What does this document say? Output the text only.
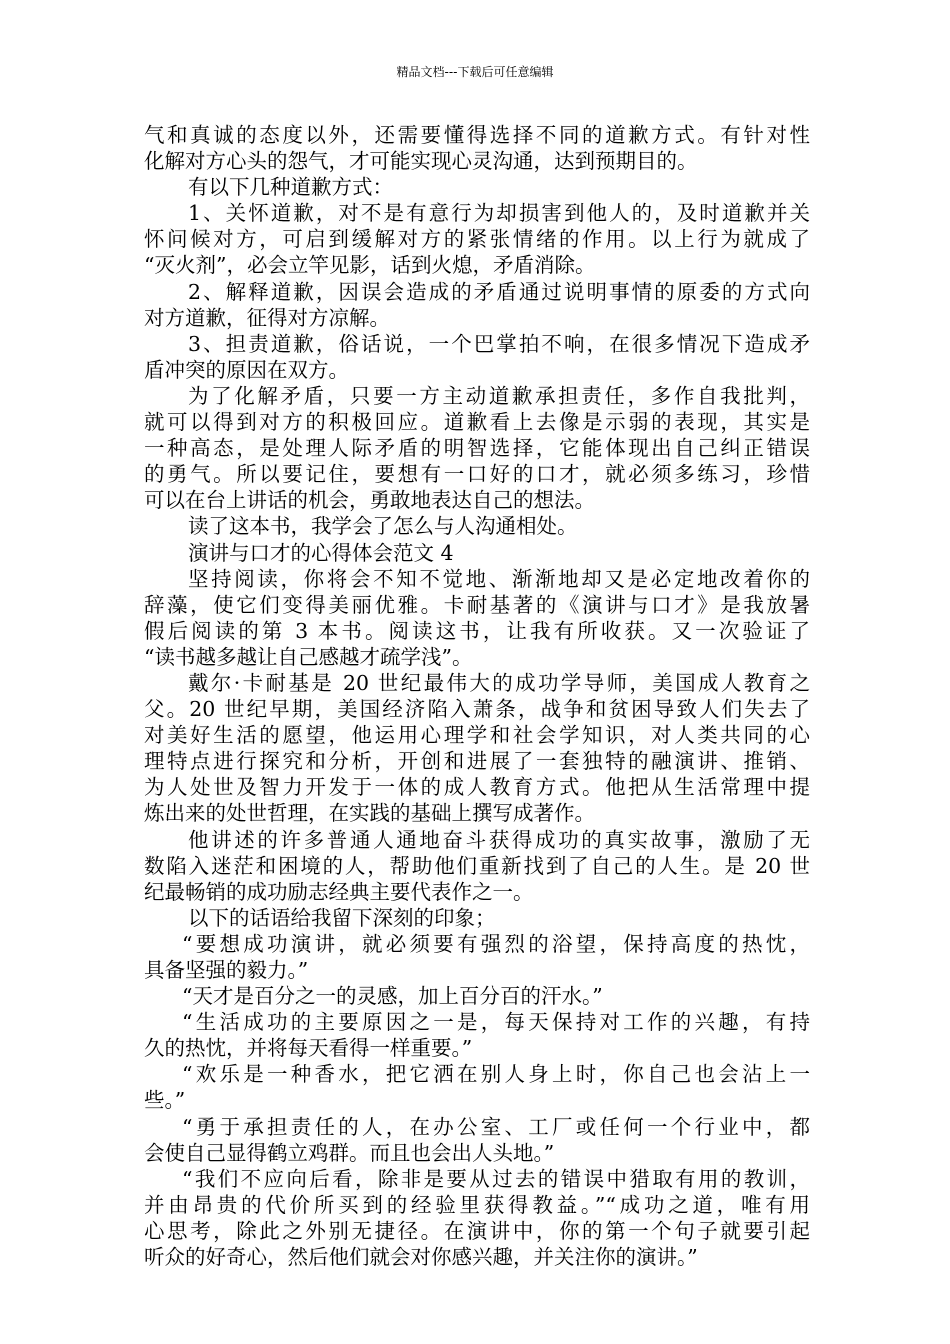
精品文档---下载后可任意编辑
气和真诚的态度以外，还需要懂得选择不同的道歉方式。有针对性
化解对方心头的怨气，才可能实现心灵沟通，达到预期目的。
有以下几种道歉方式：
1、关怀道歉，对不是有意行为却损害到他人的，及时道歉并关
怀问候对方，可启到缓解对方的紧张情绪的作用。以上行为就成了
“灭火剂”，必会立竿见影，话到火熄，矛盾消除。
2、解释道歉，因误会造成的矛盾通过说明事情的原委的方式向
对方道歉，征得对方凉解。
3、担责道歉，俗话说，一个巴掌拍不响，在很多情况下造成矛
盾冲突的原因在双方。
为了化解矛盾，只要一方主动道歉承担责任，多作自我批判，
就可以得到对方的积极回应。道歉看上去像是示弱的表现，其实是
一种高态，是处理人际矛盾的明智选择，它能体现出自己纠正错误
的勇气。所以要记住，要想有一口好的口才，就必须多练习，珍惜
可以在台上讲话的机会，勇敢地表达自己的想法。
读了这本书，我学会了怎么与人沟通相处。
演讲与口才的心得体会范文 4
坚持阅读，你将会不知不觉地、渐渐地却又是必定地改着你的
辞藻，使它们变得美丽优雅。卡耐基著的《演讲与口才》是我放暑
假后阅读的第 3 本书。阅读这书，让我有所收获。又一次验证了
“读书越多越让自己感越才疏学浅”。
戴尔·卡耐基是 20 世纪最伟大的成功学导师，美国成人教育之
父。20 世纪早期，美国经济陷入萧条，战争和贫困导致人们失去了
对美好生活的愿望，他运用心理学和社会学知识，对人类共同的心
理特点进行探究和分析，开创和进展了一套独特的融演讲、推销、
为人处世及智力开发于一体的成人教育方式。他把从生活常理中提
炼出来的处世哲理，在实践的基础上撰写成著作。
他讲述的许多普通人通地奋斗获得成功的真实故事，激励了无
数陷入迷茫和困境的人，帮助他们重新找到了自己的人生。是 20 世
纪最畅销的成功励志经典主要代表作之一。
以下的话语给我留下深刻的印象；
“要想成功演讲，就必须要有强烈的浴望，保持高度的热忱，
具备坚强的毅力。”
“天才是百分之一的灵感，加上百分百的汗水。”
“生活成功的主要原因之一是，每天保持对工作的兴趣，有持
久的热忱，并将每天看得一样重要。”
“欢乐是一种香水，把它洒在别人身上时，你自己也会沾上一
些。”
“勇于承担责任的人，在办公室、工厂或任何一个行业中，都
会使自己显得鹤立鸡群。而且也会出人头地。”
“我们不应向后看，除非是要从过去的错误中猎取有用的教训，
并由昂贵的代价所买到的经验里获得教益。”“成功之道，唯有用
心思考，除此之外别无捷径。在演讲中，你的第一个句子就要引起
听众的好奇心，然后他们就会对你感兴趣，并关注你的演讲。”
